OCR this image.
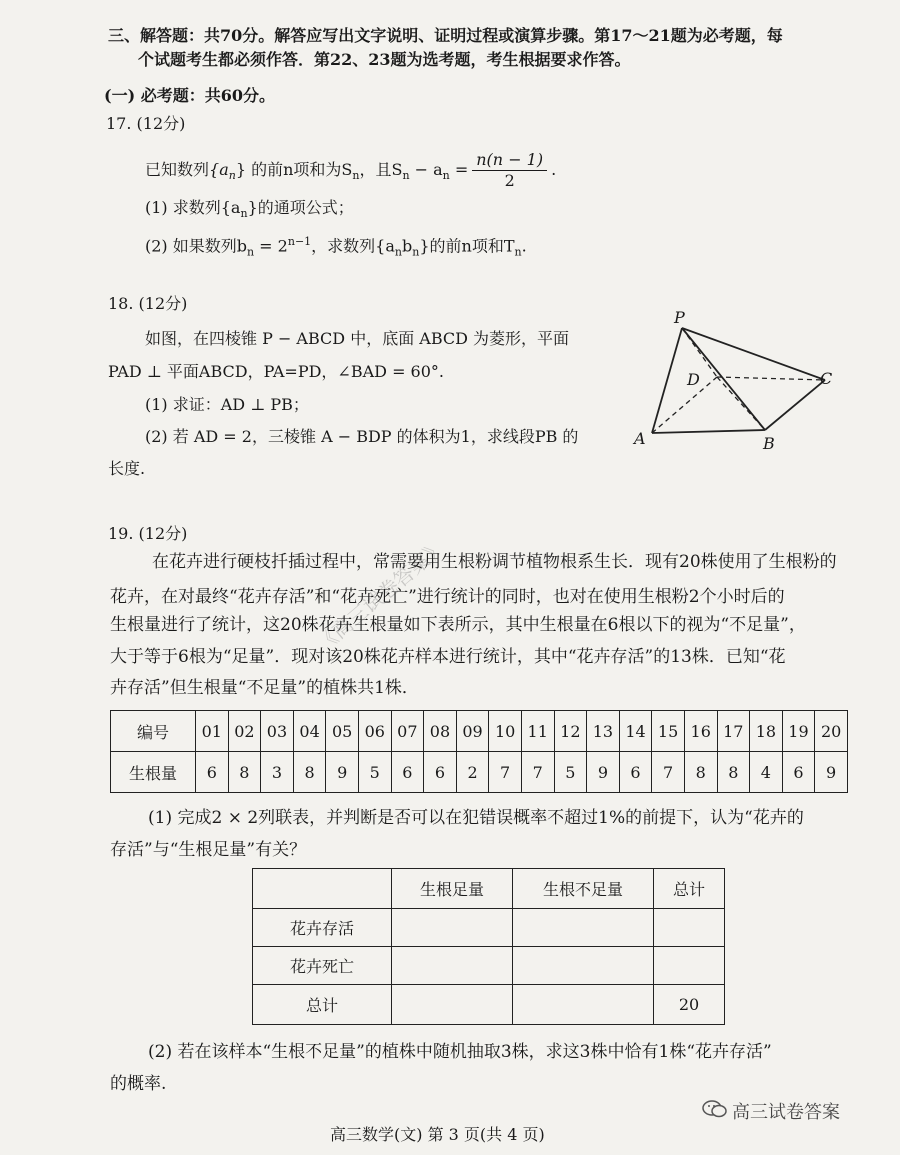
三、解答题：共70分。解答应写出文字说明、证明过程或演算步骤。第17～21题为必考题，每
个试题考生都必须作答．第22、23题为选考题，考生根据要求作答。
(一) 必考题：共60分。
17. (12分)
已知数列$\{a_n\}$ 的前n项和为$S_n$，且$S_n - a_n = \frac{n(n - 1)}{2}$ .
(1) 求数列$\{a_n\}$的通项公式；
(2) 如果数列$b_n = 2^{n-1}$，求数列$\{a_nb_n\}$的前n项和$T_n$.
18. (12分)
如图，在四棱锥 P − ABCD 中，底面 ABCD 为菱形，平面
PAD ⊥ 平面ABCD，PA=PD，∠BAD = 60°.
(1) 求证：AD ⊥ PB；
(2) 若 AD = 2，三棱锥 A − BDP 的体积为1，求线段PB 的
长度.
P
D	C
A	B
《高三试卷答案》
19. (12分)
在花卉进行硬枝扦插过程中，常需要用生根粉调节植物根系生长．现有20株使用了生根粉的
花卉，在对最终“花卉存活”和“花卉死亡”进行统计的同时，也对在使用生根粉2个小时后的
生根量进行了统计，这20株花卉生根量如下表所示，其中生根量在6根以下的视为“不足量”，
大于等于6根为“足量”．现对该20株花卉样本进行统计，其中“花卉存活”的13株．已知“花
卉存活”但生根量“不足量”的植株共1株．
编号	01	02	03	04	05	06	07	08	09	10	11	12	13	14	15	16	17	18	19	20
生根量	6	8	3	8	9	5	6	6	2	7	7	5	9	6	7	8	8	4	6	9
(1) 完成2 × 2列联表，并判断是否可以在犯错误概率不超过1%的前提下，认为“花卉的
存活”与“生根足量”有关？
	生根足量	生根不足量	总计
花卉存活			
花卉死亡			
总计			20
(2) 若在该样本“生根不足量”的植株中随机抽取3株，求这3株中恰有1株“花卉存活”
的概率.
高三数学(文) 第 3 页(共 4 页)
高三试卷答案
